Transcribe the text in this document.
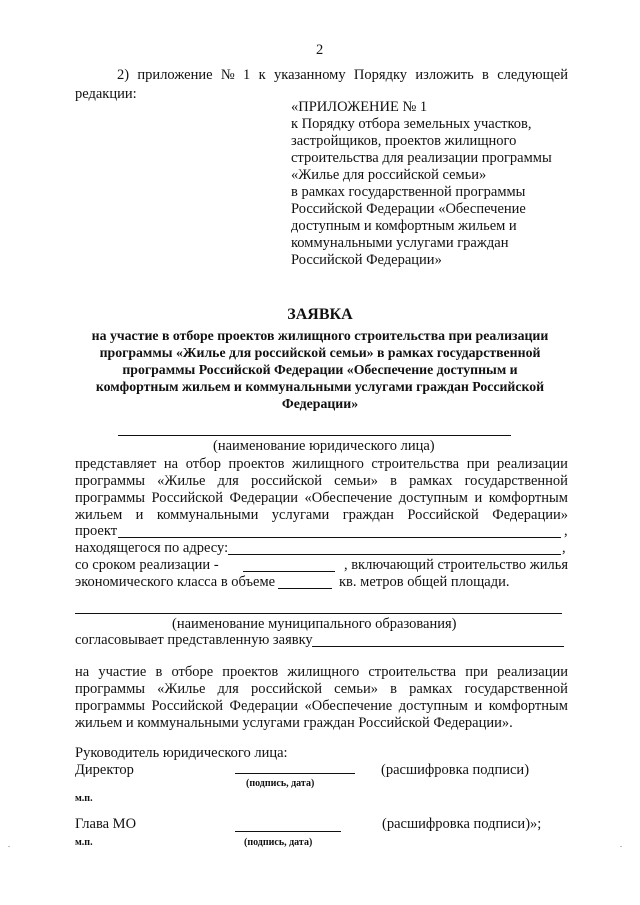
2
2) приложение № 1 к указанному Порядку изложить в следующей
редакции:
«ПРИЛОЖЕНИЕ № 1
к Порядку отбора земельных участков,
застройщиков, проектов жилищного
строительства для реализации программы
«Жилье для российской семьи»
в рамках государственной программы
Российской Федерации «Обеспечение
доступным и комфортным жильем и
коммунальными услугами граждан
Российской Федерации»
ЗАЯВКА
на участие в отборе проектов жилищного строительства при реализации
программы «Жилье для российской семьи» в рамках государственной
программы Российской Федерации «Обеспечение доступным и
комфортным жильем и коммунальными услугами граждан Российской
Федерации»
(наименование юридического лица)
представляет на отбор проектов жилищного строительства при реализации
программы «Жилье для российской семьи» в рамках государственной
программы Российской Федерации «Обеспечение доступным и комфортным
жильем и коммунальными услугами граждан Российской Федерации»
проект	,
находящегося по адресу:	,
со сроком реализации -	, включающий строительство жилья
экономического класса в объеме	кв. метров общей площади.
(наименование муниципального образования)
согласовывает представленную заявку
на участие в отборе проектов жилищного строительства при реализации
программы «Жилье для российской семьи» в рамках государственной
программы Российской Федерации «Обеспечение доступным и комфортным
жильем и коммунальными услугами граждан Российской Федерации».
Руководитель юридического лица:
Директор
(подпись, дата)
(расшифровка подписи)
м.п.
Глава МО	(расшифровка подписи)»;
м.п.	(подпись, дата)
